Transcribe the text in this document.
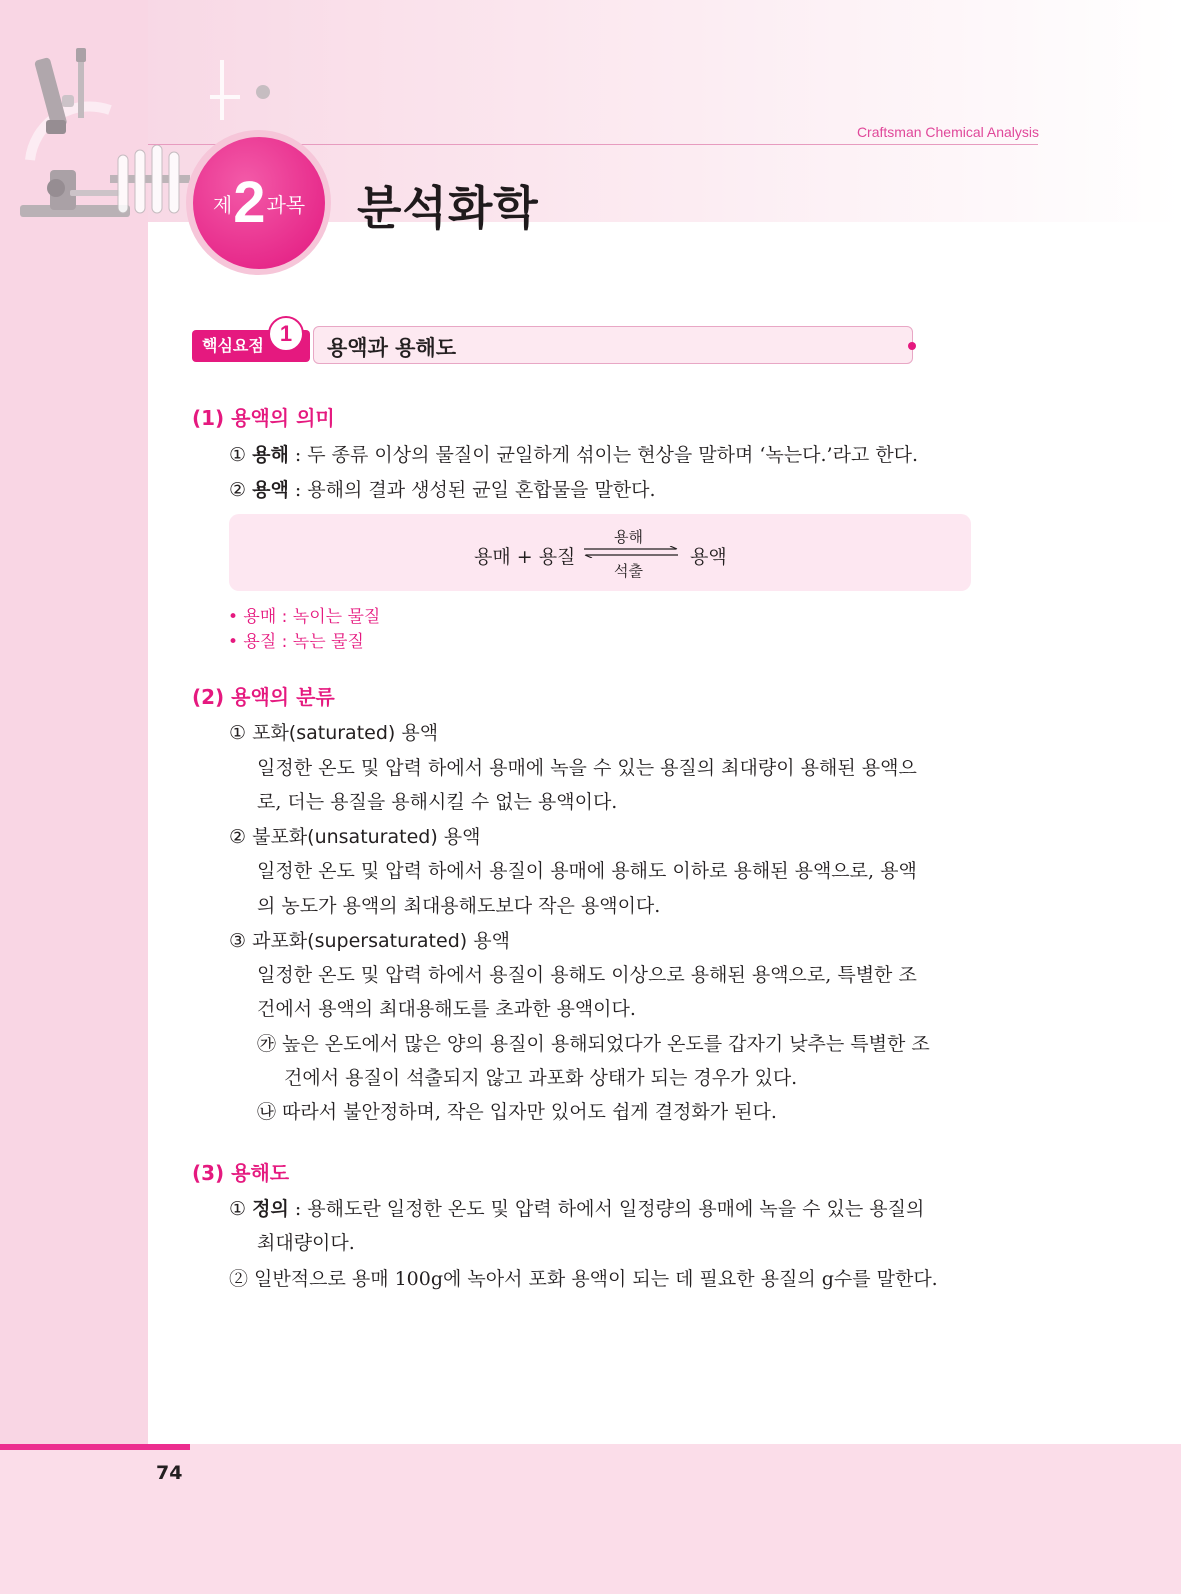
Craftsman Chemical Analysis
제 2 과목 분석화학
핵심요점 1
용액과 용해도
(1) 용액의 의미
① 용해 : 두 종류 이상의 물질이 균일하게 섞이는 현상을 말하며 ‘녹는다.’라고 한다.
② 용액 : 용해의 결과 생성된 균일 혼합물을 말한다.
용매 + 용질
용해
석출
용액
• 용매 : 녹이는 물질
• 용질 : 녹는 물질
(2) 용액의 분류
① 포화(saturated) 용액
일정한 온도 및 압력 하에서 용매에 녹을 수 있는 용질의 최대량이 용해된 용액으
로, 더는 용질을 용해시킬 수 없는 용액이다.
② 불포화(unsaturated) 용액
일정한 온도 및 압력 하에서 용질이 용매에 용해도 이하로 용해된 용액으로, 용액
의 농도가 용액의 최대용해도보다 작은 용액이다.
③ 과포화(supersaturated) 용액
일정한 온도 및 압력 하에서 용질이 용해도 이상으로 용해된 용액으로, 특별한 조
건에서 용액의 최대용해도를 초과한 용액이다.
㉮ 높은 온도에서 많은 양의 용질이 용해되었다가 온도를 갑자기 낮추는 특별한 조
건에서 용질이 석출되지 않고 과포화 상태가 되는 경우가 있다.
㉯ 따라서 불안정하며, 작은 입자만 있어도 쉽게 결정화가 된다.
(3) 용해도
① 정의 : 용해도란 일정한 온도 및 압력 하에서 일정량의 용매에 녹을 수 있는 용질의
최대량이다.
② 일반적으로 용매 100g에 녹아서 포화 용액이 되는 데 필요한 용질의 g수를 말한다.
74
